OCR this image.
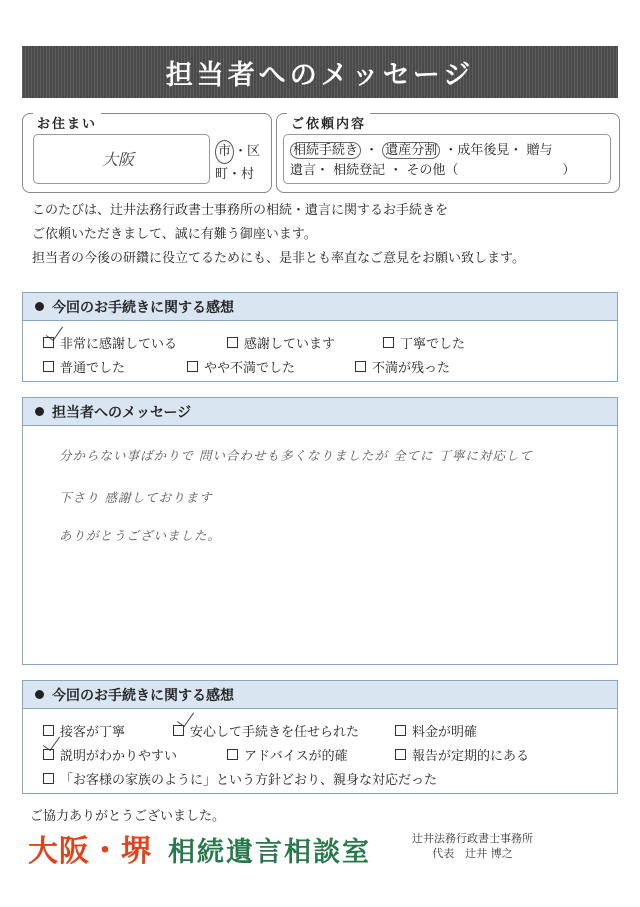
担当者へのメッセージ
お住まい
大阪	市 ・区
町・村
ご依頼内容
相続手続き ・ 遺産分割 ・成年後見・ 贈与
遺言・ 相続登記 ・ その他（　　　　　　　　）
このたびは、辻井法務行政書士事務所の相続・遺言に関するお手続きを
ご依頼いただきまして、誠に有難う御座います。
担当者の今後の研鑽に役立てるためにも、是非とも率直なご意見をお願い致します。
今回のお手続きに関する感想
非常に感謝している	感謝しています	丁寧でした
普通でした	やや不満でした	不満が残った
担当者へのメッセージ
分からない事ばかりで 問い合わせも多くなりましたが 全てに 丁寧に対応して
下さり 感謝しております
ありがとうございました。
今回のお手続きに関する感想
接客が丁寧	安心して手続きを任せられた	料金が明確
説明がわかりやすい	アドバイスが的確	報告が定期的にある
「お客様の家族のように」という方針どおり、親身な対応だった
ご協力ありがとうございました。
大阪・堺 相続遺言相談室	辻井法務行政書士事務所
代表　辻井 博之
